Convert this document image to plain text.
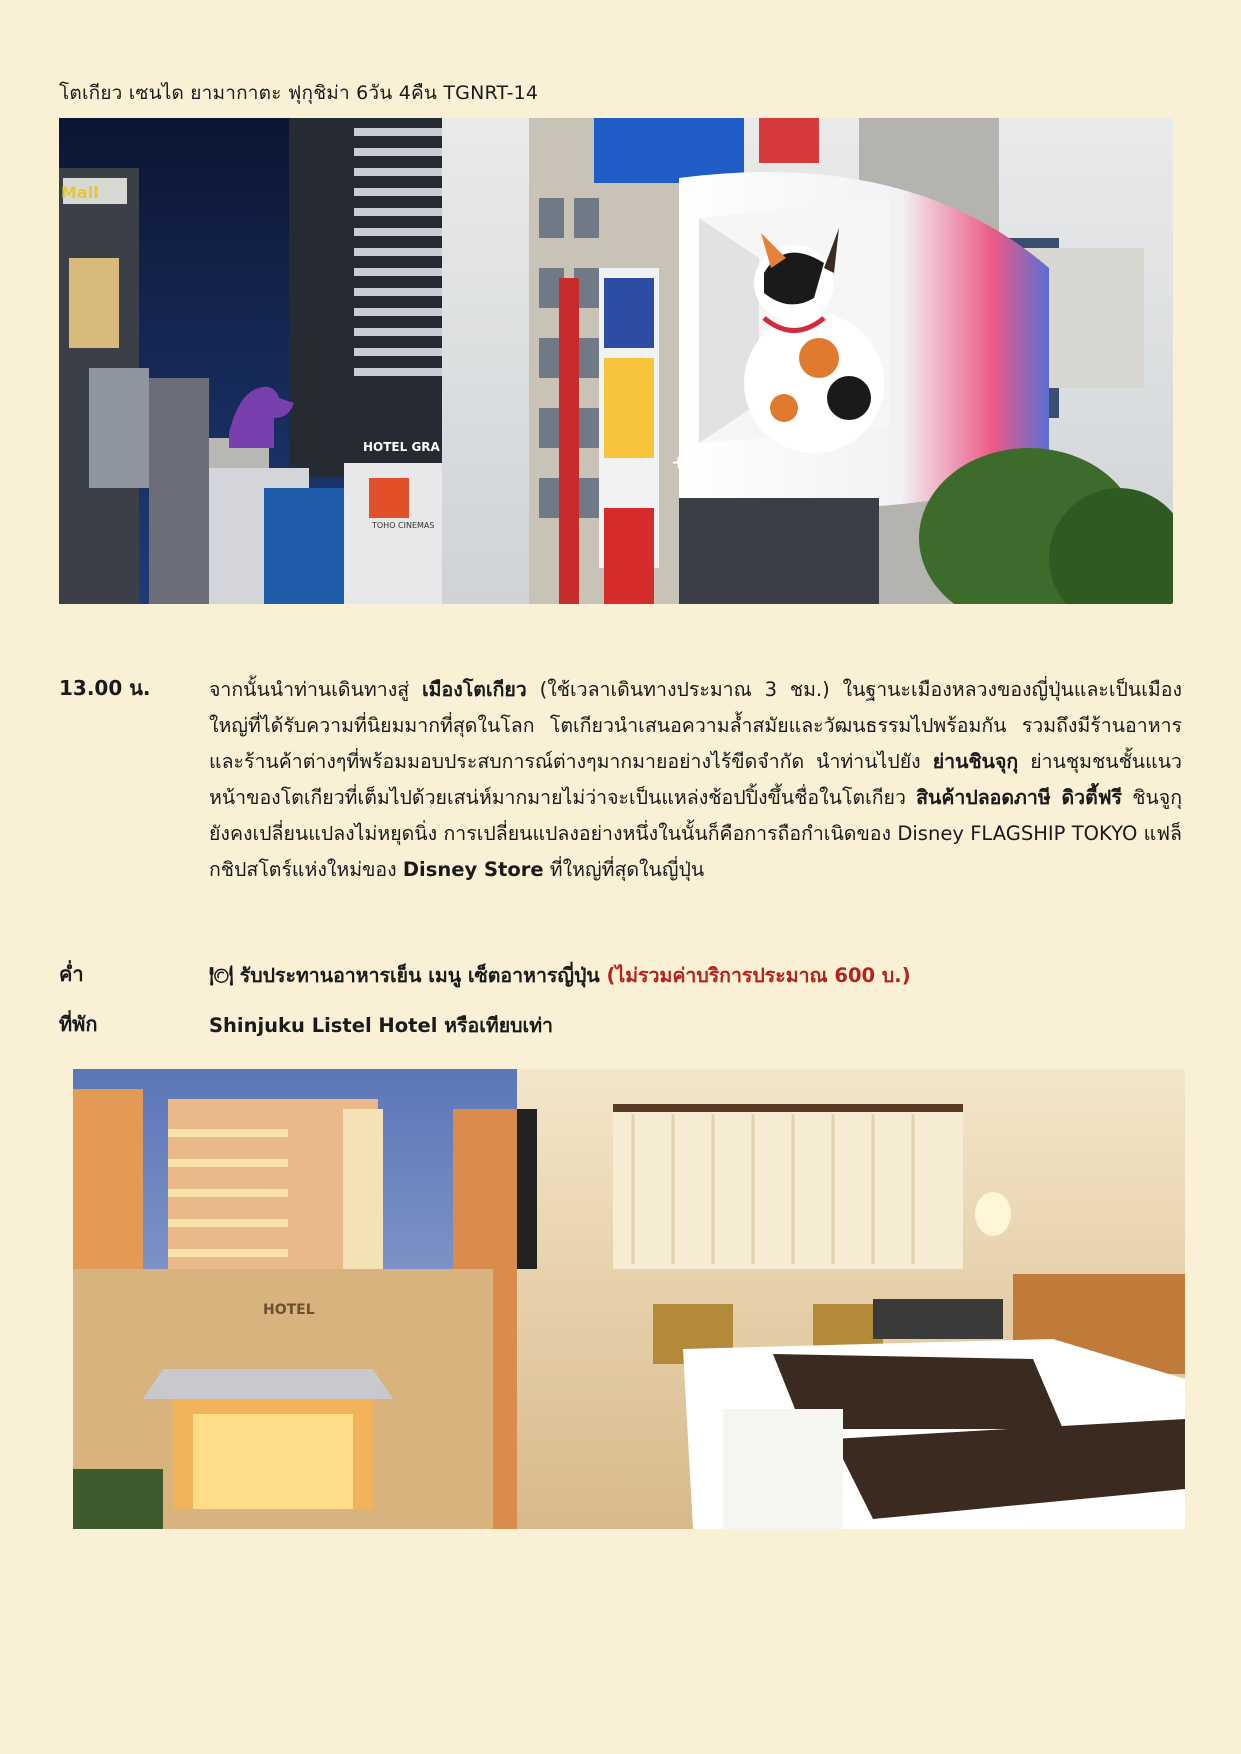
โตเกียว เซนได ยามากาตะ ฟุกุชิม่า 6วัน 4คืน TGNRT-14
Mall
HOTEL GRA
TOHO CINEMAS
+1
13.00 น.	จากนั้นนำท่านเดินทางสู่ เมืองโตเกียว (ใช้เวลาเดินทางประมาณ 3 ชม.) ในฐานะเมืองหลวงของญี่ปุ่นและเป็นเมืองใหญ่ที่ได้รับความที่นิยมมากที่สุดในโลก โตเกียวนำเสนอความล้ำสมัยและวัฒนธรรมไปพร้อมกัน รวมถึงมีร้านอาหาร และร้านค้าต่างๆที่พร้อมมอบประสบการณ์ต่างๆมากมายอย่างไร้ขีดจำกัด นำท่านไปยัง ย่านชินจุกุ ย่านชุมชนชั้นแนวหน้าของโตเกียวที่เต็มไปด้วยเสน่ห์มากมายไม่ว่าจะเป็นแหล่งช้อปปิ้งขึ้นชื่อในโตเกียว สินค้าปลอดภาษี ดิวตี้ฟรี ชินจูกุยังคงเปลี่ยนแปลงไม่หยุดนิ่ง การเปลี่ยนแปลงอย่างหนึ่งในนั้นก็คือการถือกำเนิดของ Disney FLAGSHIP TOKYO แฟล็กชิปสโตร์แห่งใหม่ของ Disney Store ที่ใหญ่ที่สุดในญี่ปุ่น
ค่ำ	🍽 รับประทานอาหารเย็น เมนู เซ็ตอาหารญี่ปุ่น (ไม่รวมค่าบริการประมาณ 600 บ.)
ที่พัก	Shinjuku Listel Hotel หรือเทียบเท่า
HOTEL
